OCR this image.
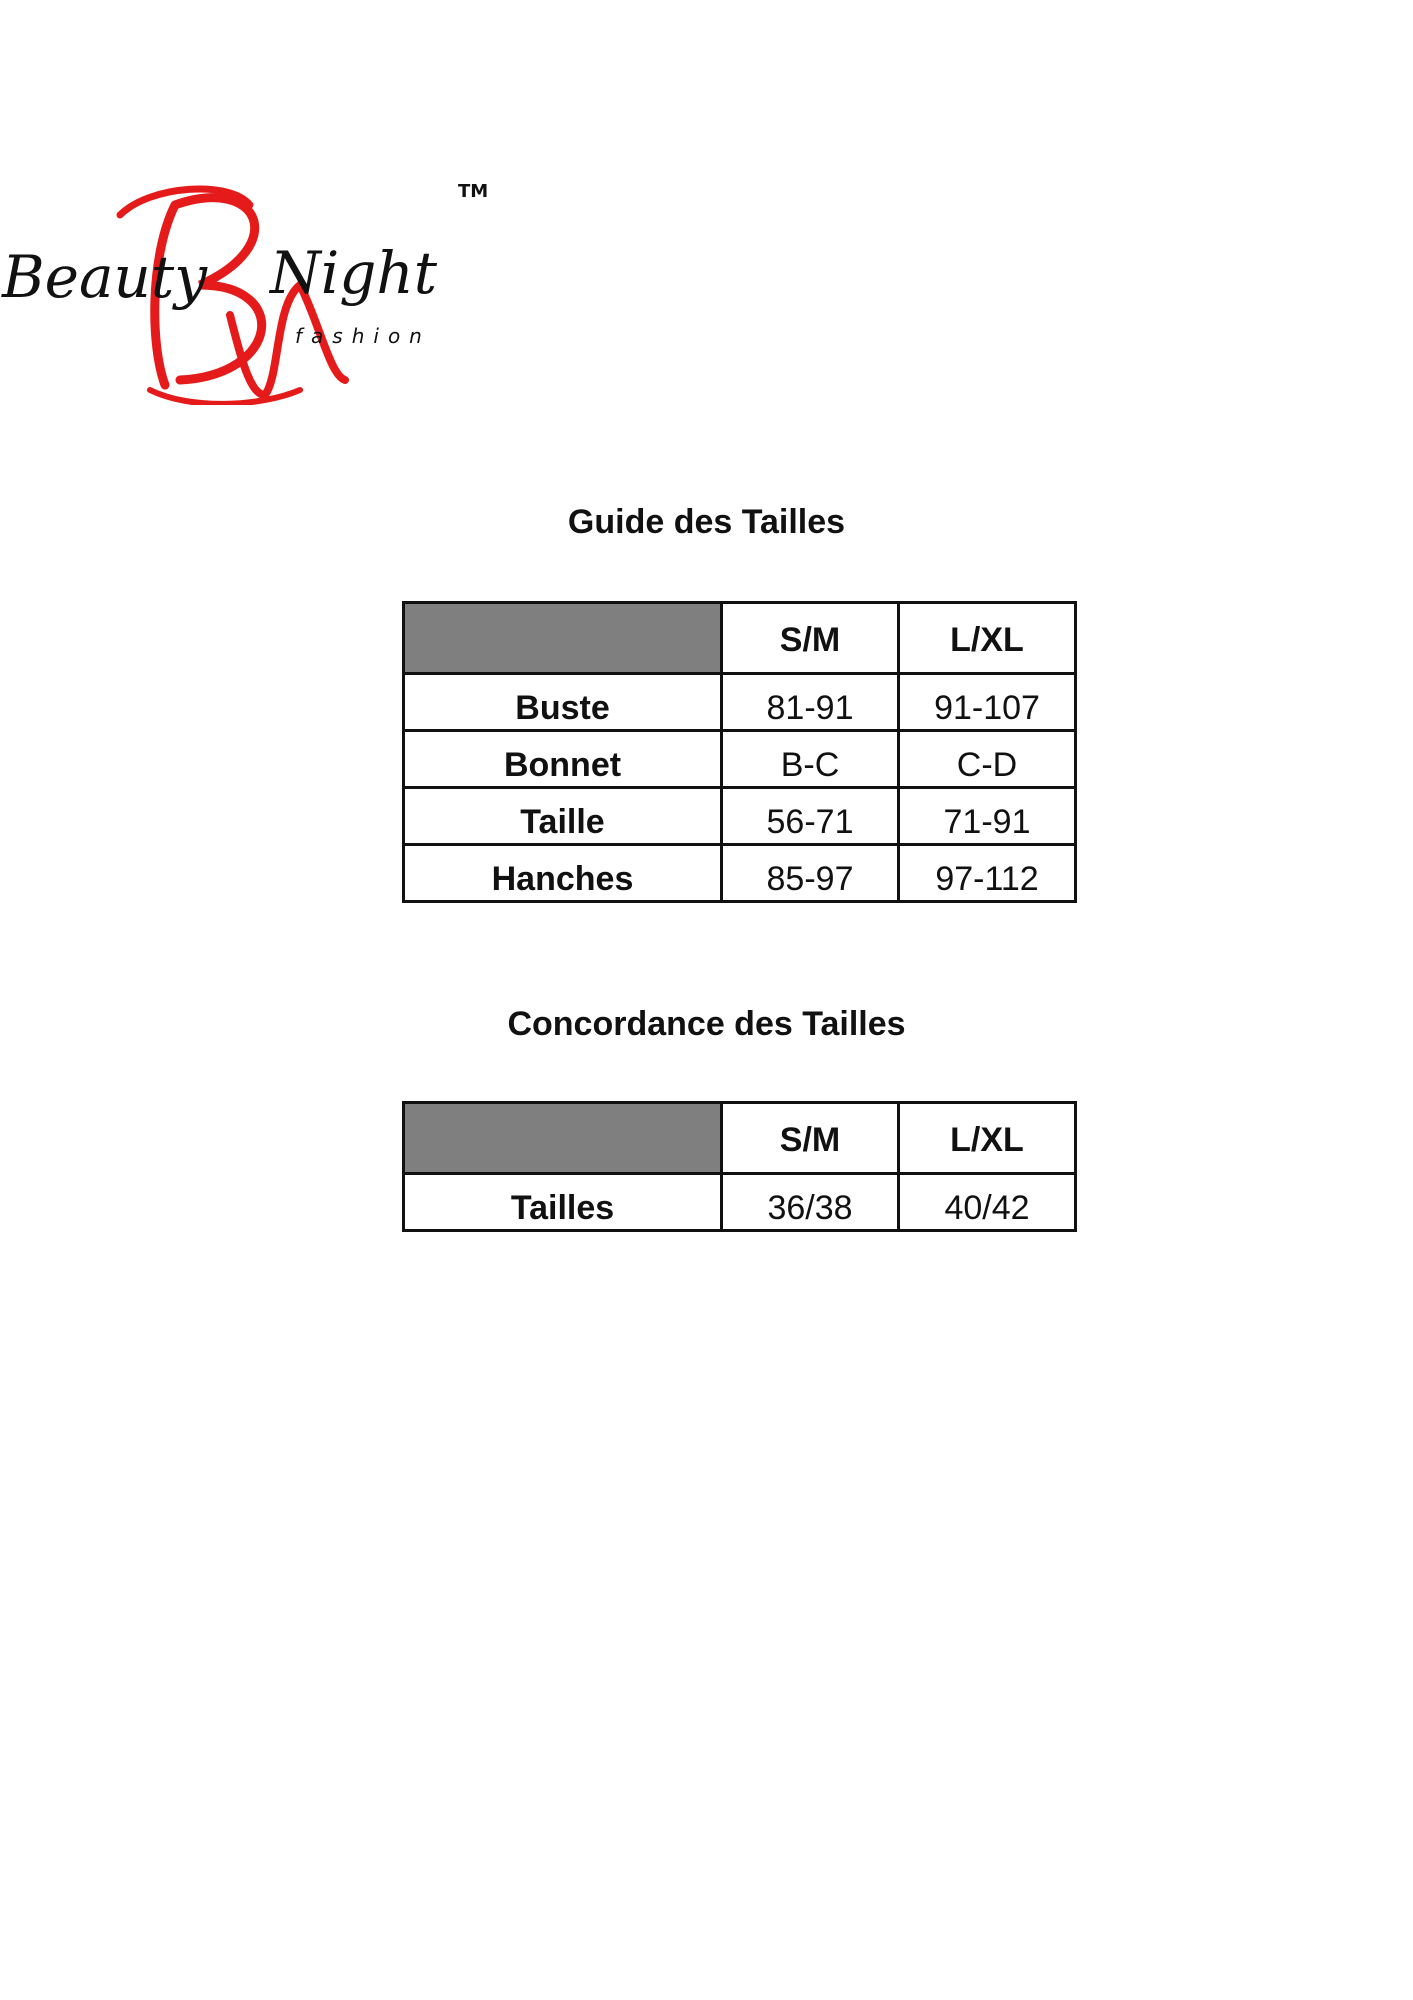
Beauty Night
fashion
TM
Guide des Tailles
	S/M	L/XL
Buste	81-91	91-107
Bonnet	B-C	C-D
Taille	56-71	71-91
Hanches	85-97	97-112
Concordance des Tailles
	S/M	L/XL
Tailles	36/38	40/42
